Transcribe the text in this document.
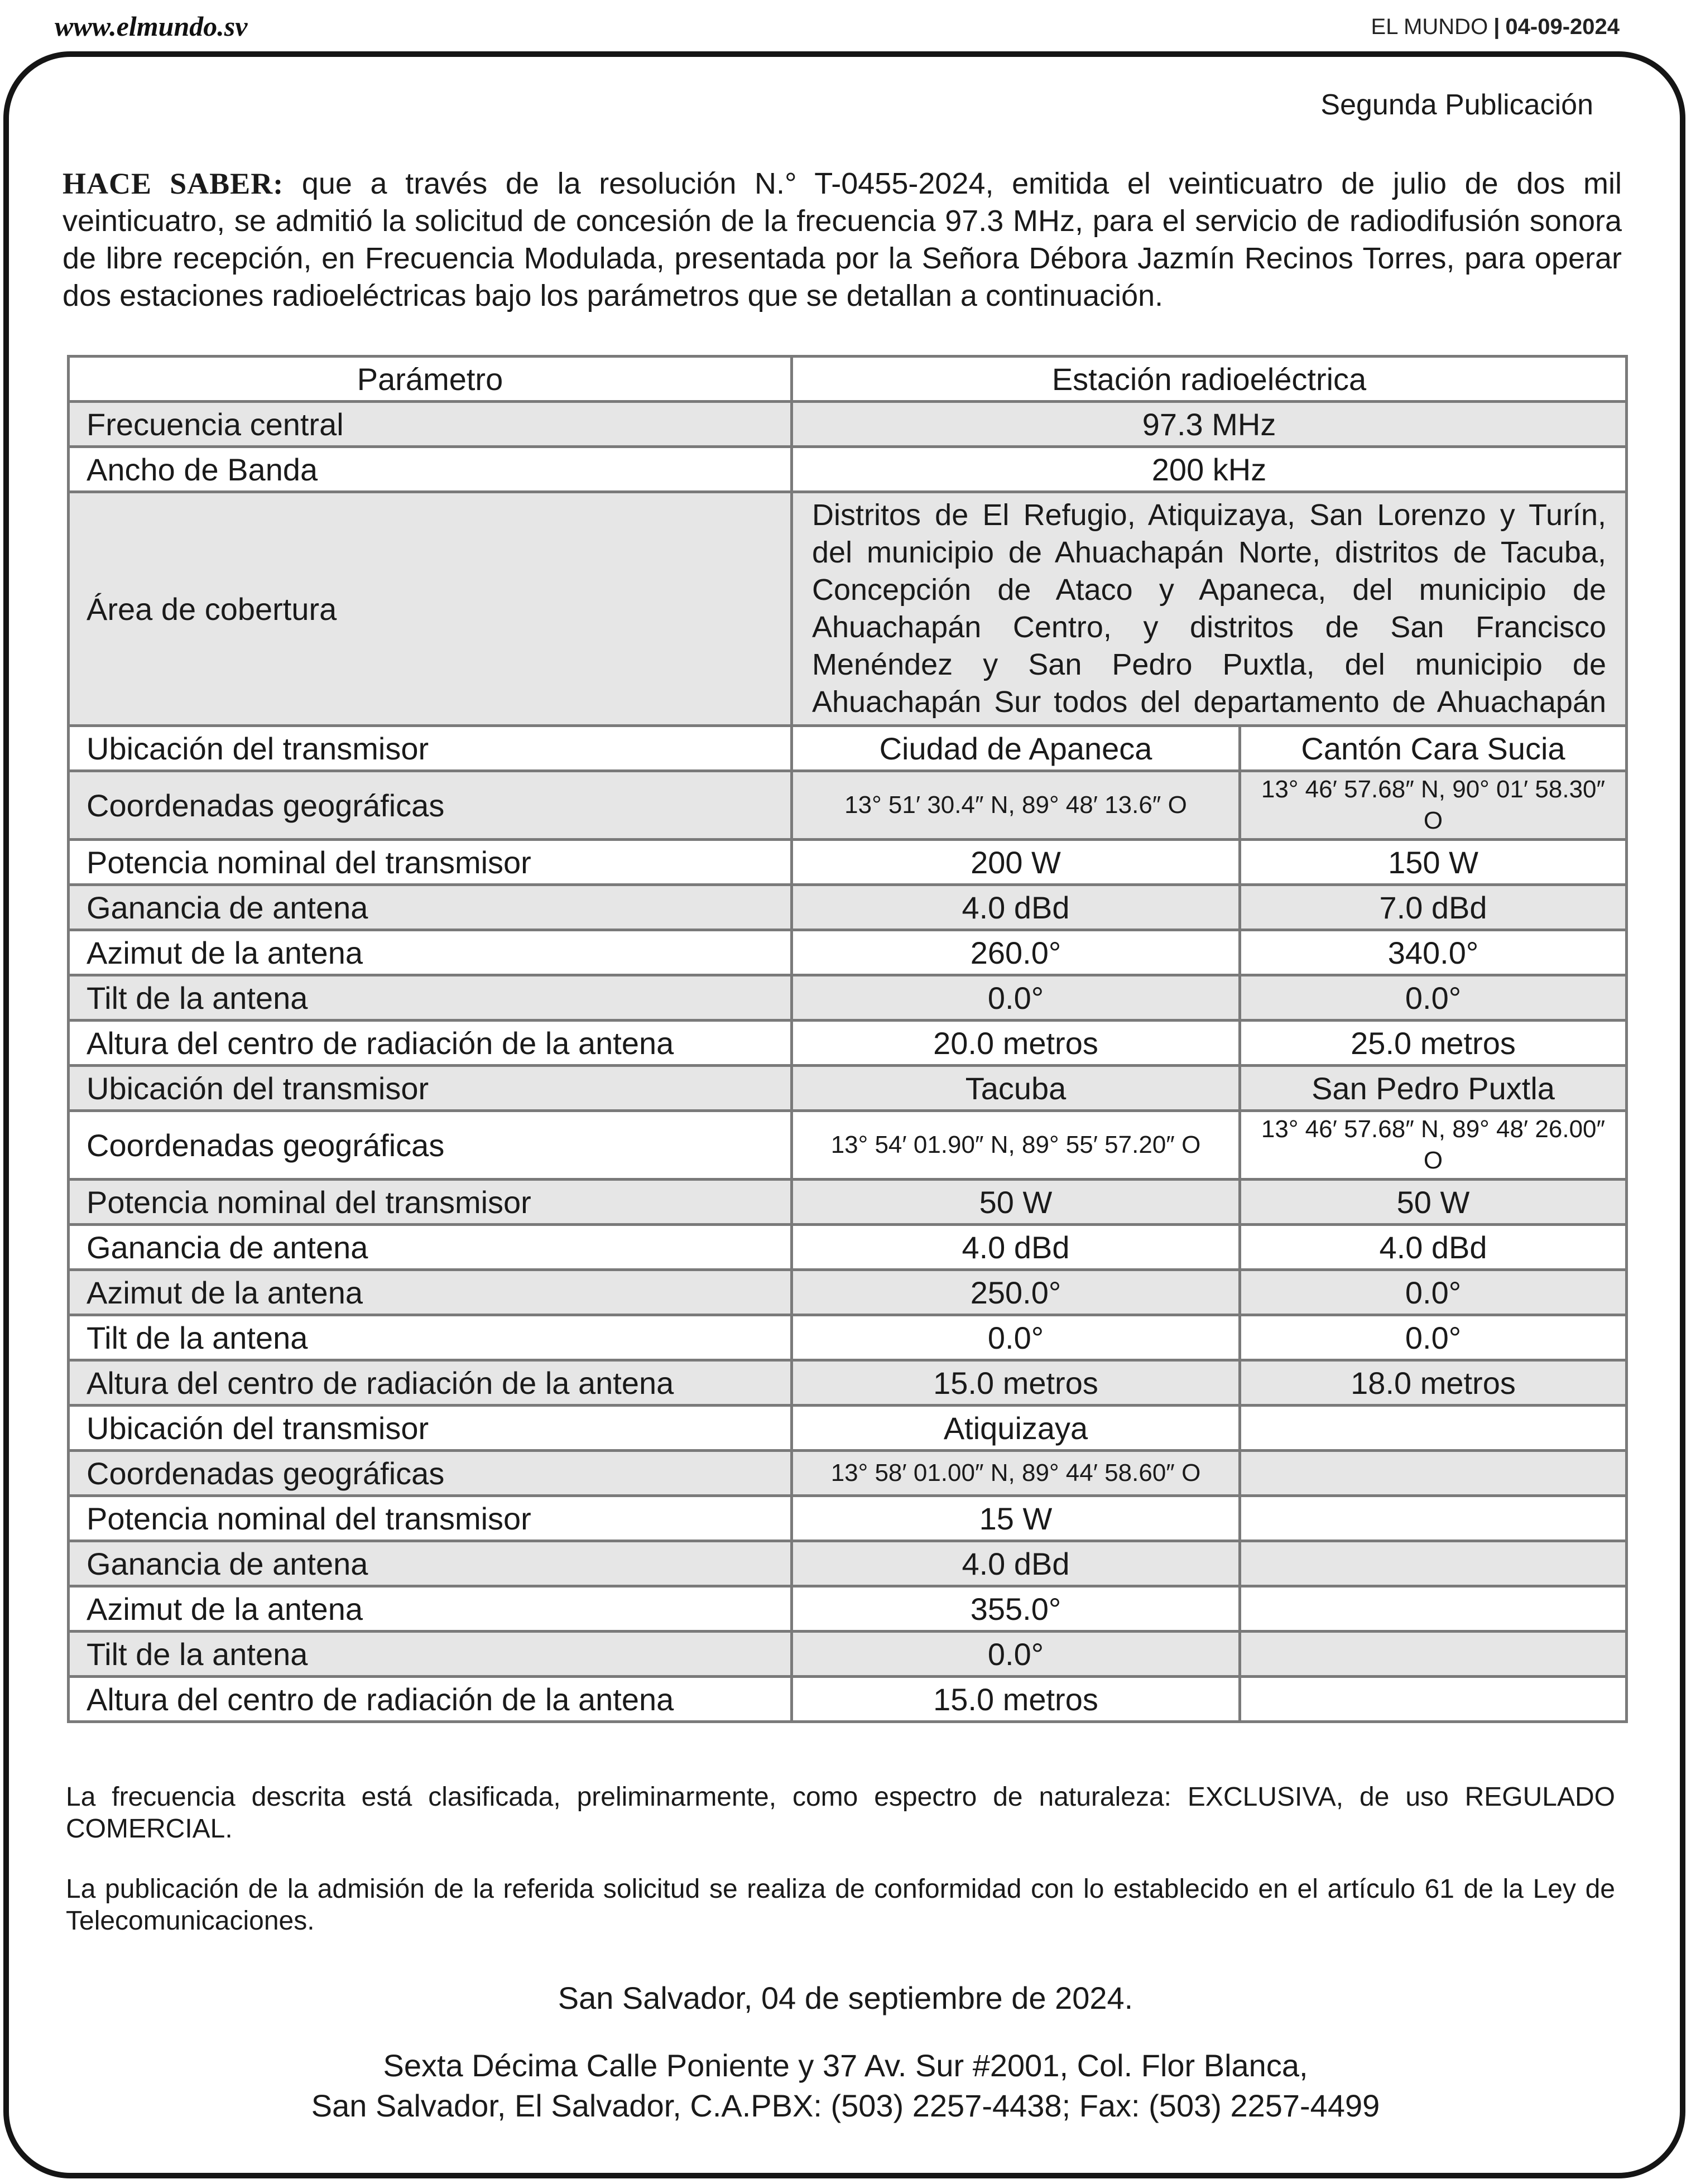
www.elmundo.sv	EL MUNDO | 04-09-2024
Segunda Publicación

HACE SABER: que a través de la resolución N.° T-0455-2024, emitida el veinticuatro de julio de dos mil veinticuatro, se admitió la solicitud de concesión de la frecuencia 97.3 MHz, para el servicio de radiodifusión sonora de libre recepción, en Frecuencia Modulada, presentada por la Señora Débora Jazmín Recinos Torres, para operar dos estaciones radioeléctricas bajo los parámetros que se detallan a continuación.

Parámetro	Estación radioeléctrica	
Frecuencia central	97.3 MHz	
Ancho de Banda	200 kHz	
Área de cobertura	Distritos de El Refugio, Atiquizaya, San Lorenzo y Turín, del municipio de Ahuachapán Norte, distritos de Tacuba, Concepción de Ataco y Apaneca, del municipio de Ahuachapán Centro, y distritos de San Francisco Menéndez y San Pedro Puxtla, del municipio de Ahuachapán Sur todos del departamento de Ahuachapán	
Ubicación del transmisor	Ciudad de Apaneca	Cantón Cara Sucia
Coordenadas geográficas	13° 51′ 30.4″ N, 89° 48′ 13.6″ O	13° 46′ 57.68″ N, 90° 01′ 58.30″ O
Potencia nominal del transmisor	200 W	150 W
Ganancia de antena	4.0 dBd	7.0 dBd
Azimut de la antena	260.0°	340.0°
Tilt de la antena	0.0°	0.0°
Altura del centro de radiación de la antena	20.0 metros	25.0 metros
Ubicación del transmisor	Tacuba	San Pedro Puxtla
Coordenadas geográficas	13° 54′ 01.90″ N, 89° 55′ 57.20″ O	13° 46′ 57.68″ N, 89° 48′ 26.00″ O
Potencia nominal del transmisor	50 W	50 W
Ganancia de antena	4.0 dBd	4.0 dBd
Azimut de la antena	250.0°	0.0°
Tilt de la antena	0.0°	0.0°
Altura del centro de radiación de la antena	15.0 metros	18.0 metros
Ubicación del transmisor	Atiquizaya	
Coordenadas geográficas	13° 58′ 01.00″ N, 89° 44′ 58.60″ O	
Potencia nominal del transmisor	15 W	
Ganancia de antena	4.0 dBd	
Azimut de la antena	355.0°	
Tilt de la antena	0.0°	
Altura del centro de radiación de la antena	15.0 metros	

La frecuencia descrita está clasificada, preliminarmente, como espectro de naturaleza: EXCLUSIVA, de uso REGULADO COMERCIAL.

La publicación de la admisión de la referida solicitud se realiza de conformidad con lo establecido en el artículo 61 de la Ley de Telecomunicaciones.

San Salvador, 04 de septiembre de 2024.
Sexta Décima Calle Poniente y 37 Av. Sur #2001, Col. Flor Blanca,
San Salvador, El Salvador, C.A.PBX: (503) 2257-4438; Fax: (503) 2257-4499
